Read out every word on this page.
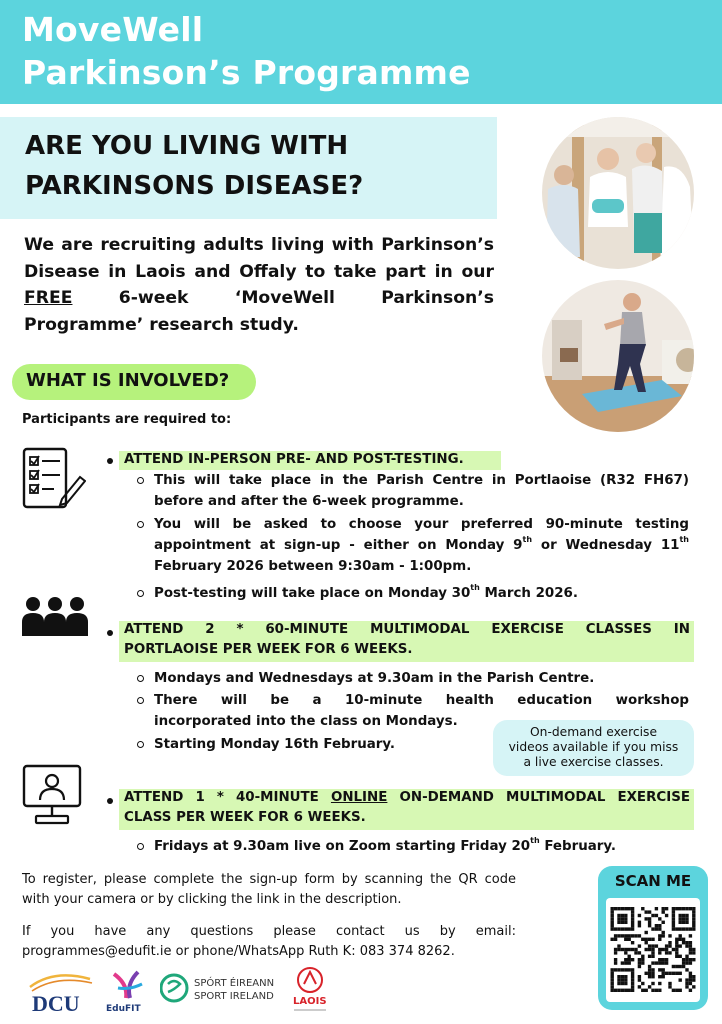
MoveWell
Parkinson’s Programme
ARE YOU LIVING WITH
PARKINSONS DISEASE?
We are recruiting adults living with Parkinson’s Disease in Laois and Offaly to take part in our FREE 6-week ‘MoveWell Parkinson’s Programme’ research study.
WHAT IS INVOLVED?
Participants are required to:
ATTEND IN-PERSON PRE- AND POST-TESTING.
This will take place in the Parish Centre in Portlaoise (R32 FH67) before and after the 6-week programme.
You will be asked to choose your preferred 90-minute testing appointment at sign-up - either on Monday 9th or Wednesday 11th February 2026 between 9:30am - 1:00pm.
Post-testing will take place on Monday 30th March 2026.
ATTEND 2 * 60-MINUTE MULTIMODAL EXERCISE CLASSES IN
PORTLAOISE PER WEEK FOR 6 WEEKS.
Mondays and Wednesdays at 9.30am in the Parish Centre.
There will be a 10-minute health education workshop
incorporated into the class on Mondays.
Starting Monday 16th February.
On-demand exercise
videos available if you miss
a live exercise classes.
ATTEND 1 * 40-MINUTE ONLINE ON-DEMAND MULTIMODAL EXERCISE
CLASS PER WEEK FOR 6 WEEKS.
Fridays at 9.30am live on Zoom starting Friday 20th February.
To register, please complete the sign-up form by scanning the QR code with your camera or by clicking the link in the description.
If you have any questions please contact us by email: programmes@edufit.ie or phone/WhatsApp Ruth K: 083 374 8262.
SCAN ME
DCU	EduFIT
SPÓRT ÉIREANN
SPORT IRELAND LAOIS
